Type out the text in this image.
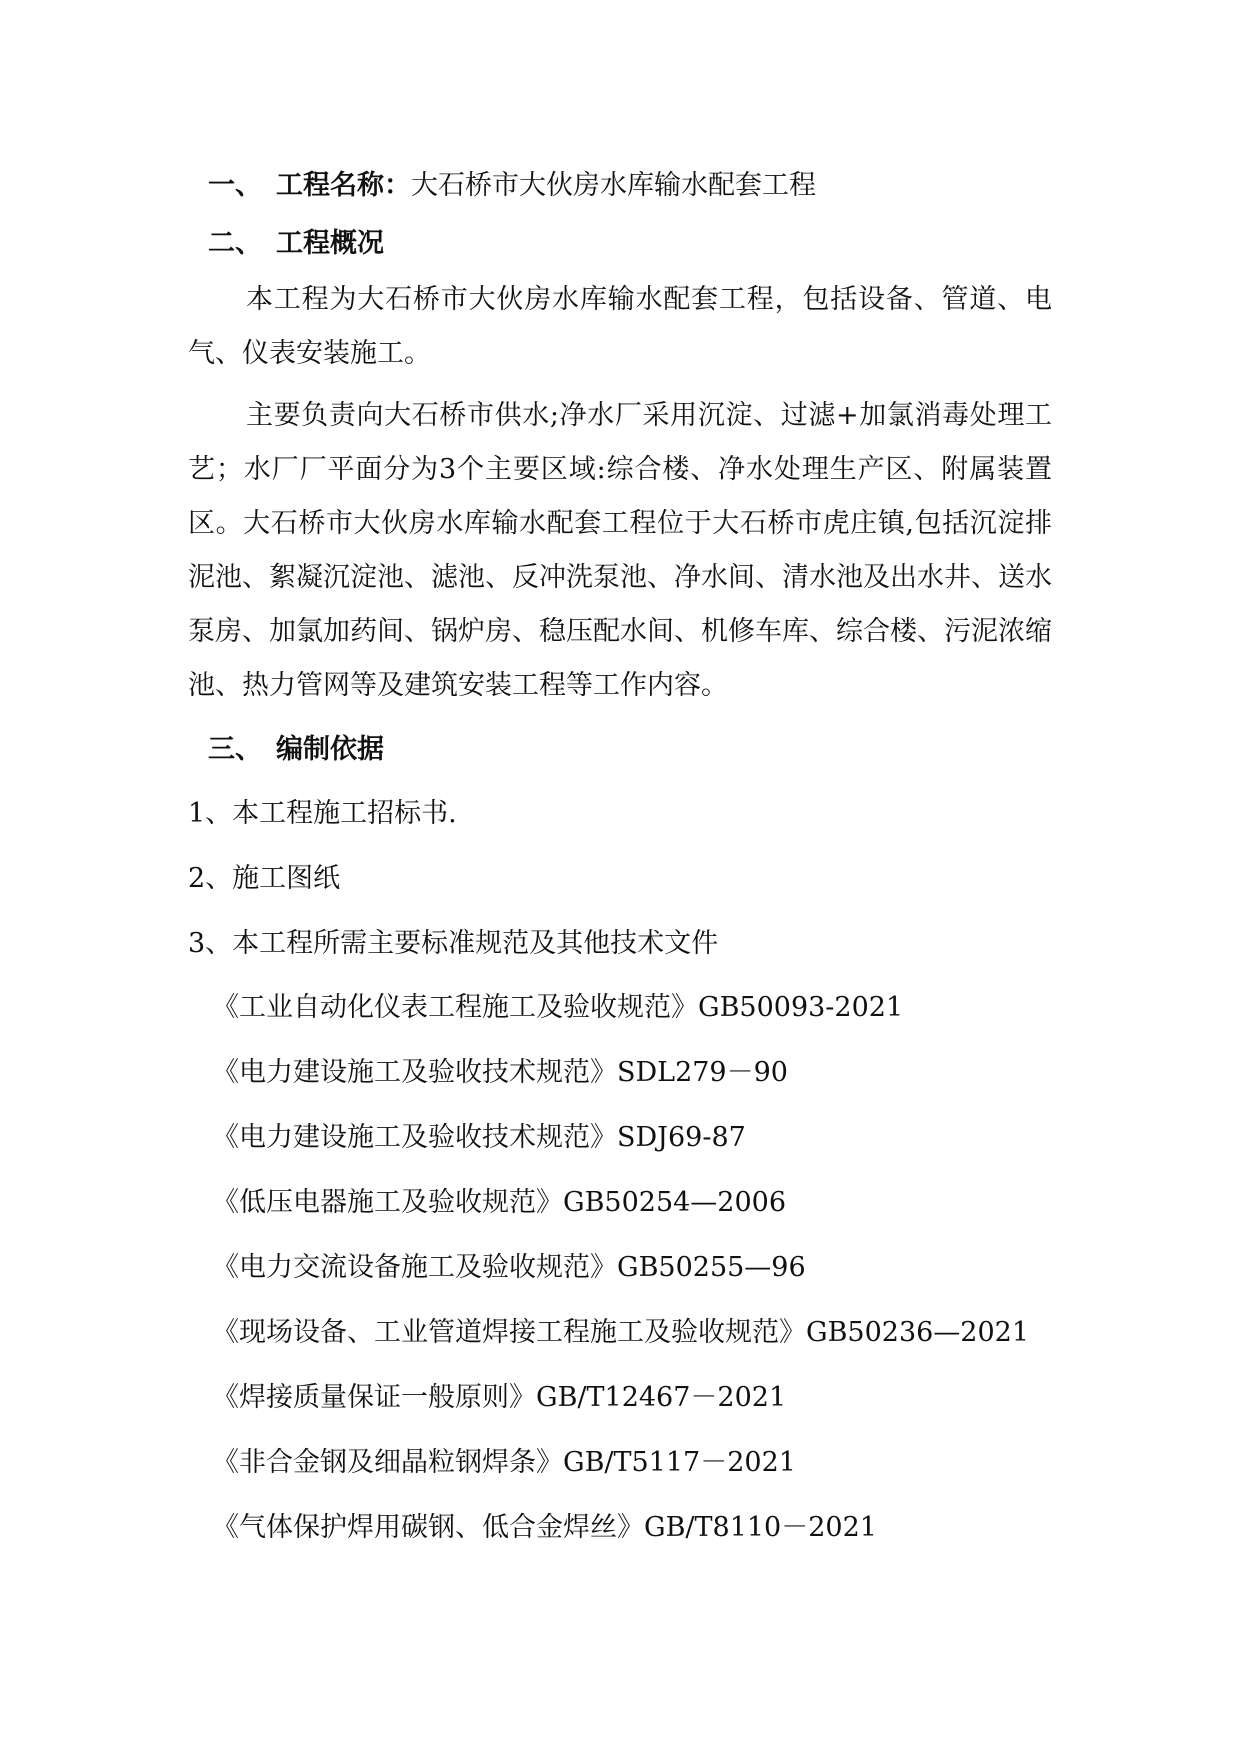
一、 工程名称：大石桥市大伙房水库输水配套工程
二、 工程概况

本工程为大石桥市大伙房水库输水配套工程，包括设备、管道、电气、仪表安装施工。

主要负责向大石桥市供水;净水厂采用沉淀、过滤+加氯消毒处理工艺；水厂厂平面分为3个主要区域:综合楼、净水处理生产区、附属装置区。大石桥市大伙房水库输水配套工程位于大石桥市虎庄镇,包括沉淀排泥池、絮凝沉淀池、滤池、反冲洗泵池、净水间、清水池及出水井、送水泵房、加氯加药间、锅炉房、稳压配水间、机修车库、综合楼、污泥浓缩池、热力管网等及建筑安装工程等工作内容。

三、 编制依据
1、本工程施工招标书.
2、施工图纸
3、本工程所需主要标准规范及其他技术文件
《工业自动化仪表工程施工及验收规范》GB50093-2021
《电力建设施工及验收技术规范》SDL279－90
《电力建设施工及验收技术规范》SDJ69-87
《低压电器施工及验收规范》GB50254—2006
《电力交流设备施工及验收规范》GB50255—96
《现场设备、工业管道焊接工程施工及验收规范》GB50236—2021
《焊接质量保证一般原则》GB/T12467－2021
《非合金钢及细晶粒钢焊条》GB/T5117－2021
《气体保护焊用碳钢、低合金焊丝》GB/T8110－2021
